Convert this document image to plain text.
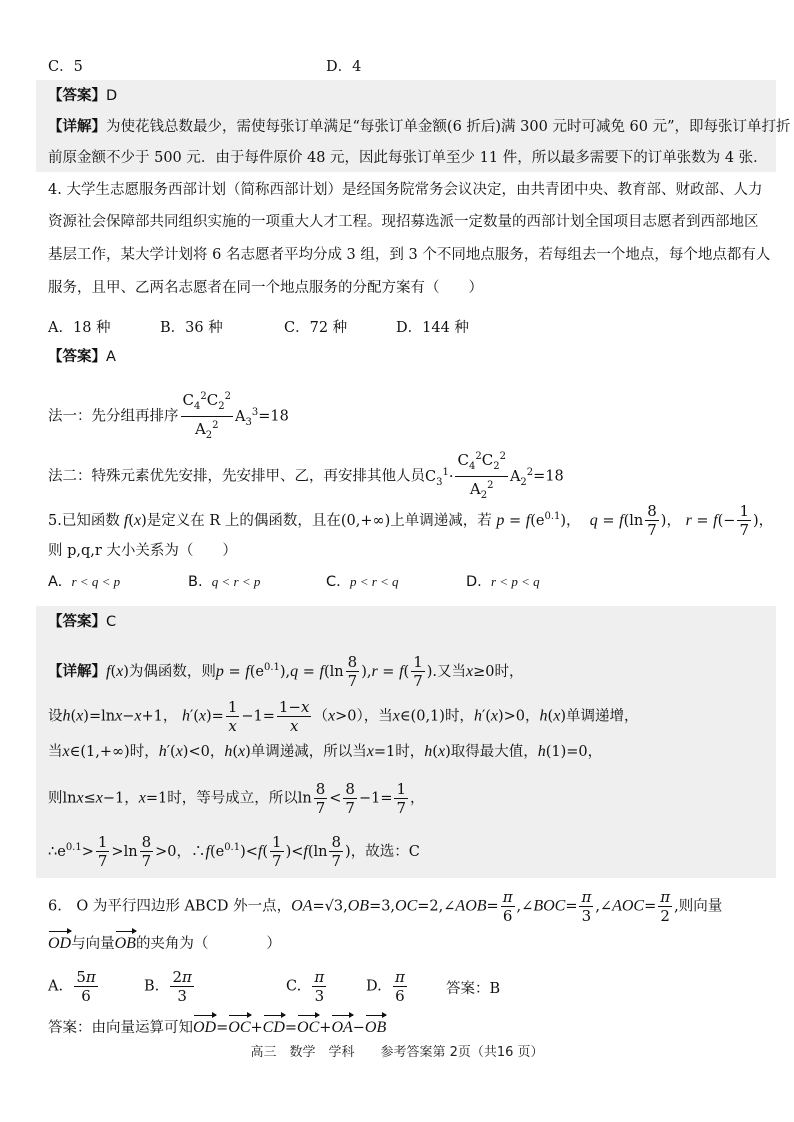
C．5	D．4
【答案】D
【详解】为使花钱总数最少，需使每张订单满足“每张订单金额(6 折后)满 300 元时可减免 60 元”，即每张订单打折
前原金额不少于 500 元．由于每件原价 48 元，因此每张订单至少 11 件，所以最多需要下的订单张数为 4 张．
4. 大学生志愿服务西部计划（简称西部计划）是经国务院常务会议决定，由共青团中央、教育部、财政部、人力
资源社会保障部共同组织实施的一项重大人才工程。现招募选派一定数量的西部计划全国项目志愿者到西部地区
基层工作，某大学计划将 6 名志愿者平均分成 3 组，到 3 个不同地点服务，若每组去一个地点，每个地点都有人
服务，且甲、乙两名志愿者在同一个地点服务的分配方案有（　　）
A．18 种	B．36 种	C．72 种	D．144 种
【答案】A
法一：先分组再排序 $\frac{C_4^2C_2^2}{A_2^2} A_3^3=18$
法二：特殊元素优先安排，先安排甲、乙，再安排其他人员$C_3^1\cdot \frac{C_4^2C_2^2}{A_2^2} A_2^2=18$
5.已知函数 f(x)是定义在 R 上的偶函数，且在(0,+∞)上单调递减，若 $p = f(e^{0.1})$，  $q = f(\ln \frac{8}{7}$ )， $r = f(- \frac{1}{7}$ )，
则 p,q,r 大小关系为（　　）
A. r < q < p	B. q < r < p	C. p < r < q	D. r < p < q
【答案】C
【详解】f(x)为偶函数，则$p = f(e^{0.1}),q = f(\ln \frac{8}{7} ),r = f( \frac{1}{7}$ ).又当x≥0时，
设h(x)=lnx−x+1， $h'(x)= \frac{1}{x} -1= \frac{1-x}{x} (x>0)$，当x∈(0,1)时，h′(x)>0，h(x)单调递增，
当x∈(1,+∞)时，h′(x)<0，h(x)单调递减，所以当x=1时，h(x)取得最大值，h(1)=0，
则lnx≤x−1，x=1时，等号成立，所以$\ln \frac{8}{7} < \frac{8}{7} -1= \frac{1}{7}$ ，
$\therefore e^{0.1}> \frac{1}{7} >\ln \frac{8}{7} >0$，$\therefore f(e^{0.1})<f( \frac{1}{7} )<f(\ln \frac{8}{7}$ )，故选：C
6.　O 为平行四边形 ABCD 外一点，OA=√3,OB=3,OC=2,∠AOB= $\frac{\pi}{6}$ ,∠BOC= $\frac{\pi}{3}$ ,∠AOC= $\frac{\pi}{2}$ ,则向量
OD与向量OB的夹角为（　　　　）
A. $\frac{5\pi}{6}$	B. $\frac{2\pi}{3}$	C. $\frac{\pi}{3}$	D. $\frac{\pi}{6}$	答案：B
答案：由向量运算可知OD=OC+CD=OC+OA−OB
高三　数学　学科　　参考答案第 2页（共16 页）
